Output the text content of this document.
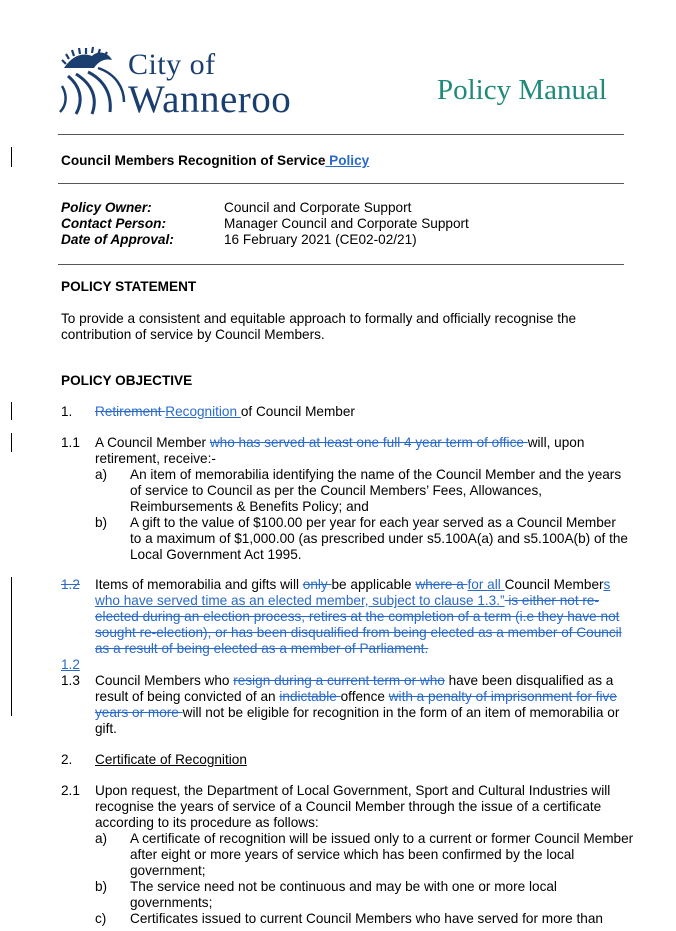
City of
Wanneroo	Policy Manual
Council Members Recognition of Service Policy
Policy Owner:	Council and Corporate Support
Contact Person:	Manager Council and Corporate Support
Date of Approval:	16 February 2021 (CE02-02/21)
POLICY STATEMENT
To provide a consistent and equitable approach to formally and officially recognise the
contribution of service by Council Members.
POLICY OBJECTIVE
1. Retirement Recognition of Council Member
1.1 A Council Member who has served at least one full 4 year term of office will, upon
retirement, receive:-
a) An item of memorabilia identifying the name of the Council Member and the years
of service to Council as per the Council Members’ Fees, Allowances,
Reimbursements & Benefits Policy; and
b) A gift to the value of $100.00 per year for each year served as a Council Member
to a maximum of $1,000.00 (as prescribed under s5.100A(a) and s5.100A(b) of the
Local Government Act 1995.
1.2	Items of memorabilia and gifts will only be applicable where a for all Council Members
who have served time as an elected member, subject to clause 1.3.” is either not re-
elected during an election process, retires at the completion of a term (i.e they have not
sought re-election), or has been disqualified from being elected as a member of Council
as a result of being elected as a member of Parliament.
1.2
1.3 Council Members who resign during a current term or who have been disqualified as a
result of being convicted of an indictable offence with a penalty of imprisonment for five
years or more will not be eligible for recognition in the form of an item of memorabilia or
gift.
2. Certificate of Recognition
2.1 Upon request, the Department of Local Government, Sport and Cultural Industries will
recognise the years of service of a Council Member through the issue of a certificate
according to its procedure as follows:
a) A certificate of recognition will be issued only to a current or former Council Member
after eight or more years of service which has been confirmed by the local
government;
b) The service need not be continuous and may be with one or more local
governments;
c) Certificates issued to current Council Members who have served for more than
